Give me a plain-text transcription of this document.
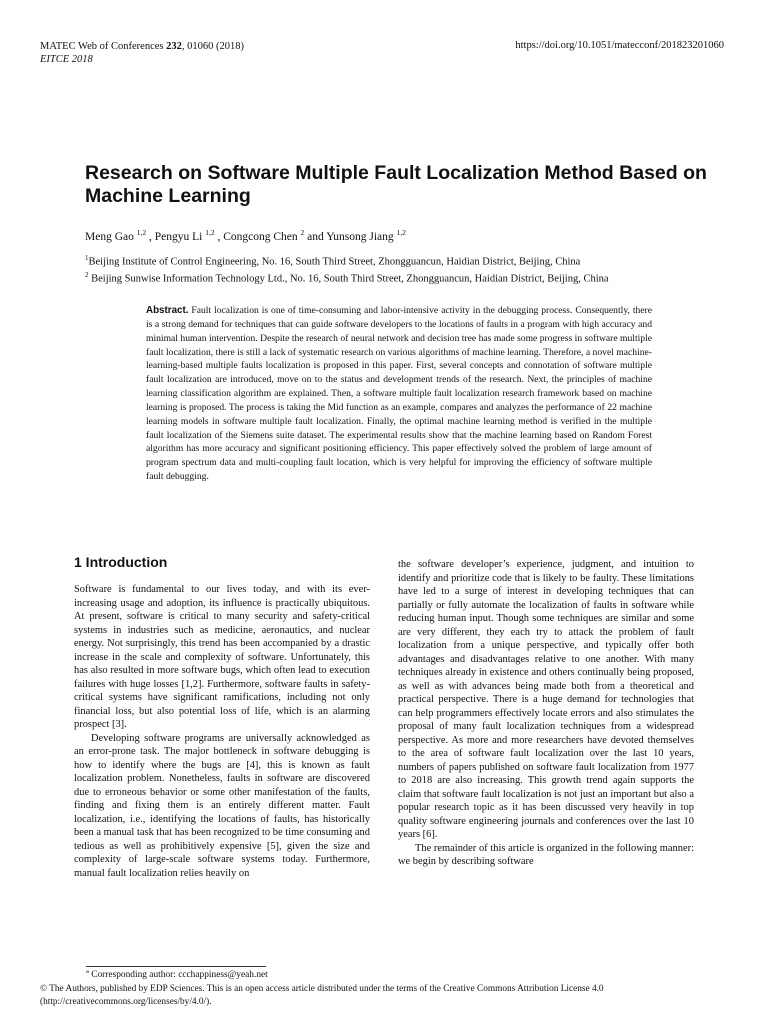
MATEC Web of Conferences 232, 01060 (2018)
EITCE 2018
https://doi.org/10.1051/matecconf/201823201060
Research on Software Multiple Fault Localization Method Based on Machine Learning
Meng Gao $^{1,2}$ , Pengyu Li $^{1,2}$ , Congcong Chen $^2$ and Yunsong Jiang $^{1,2}$

$^1$Beijing Institute of Control Engineering, No. 16, South Third Street, Zhongguancun, Haidian District, Beijing, China

$^2$ Beijing Sunwise Information Technology Ltd., No. 16, South Third Street, Zhongguancun, Haidian District, Beijing, China

Abstract. Fault localization is one of time-consuming and labor-intensive activity in the debugging process. Consequently, there is a strong demand for techniques that can guide software developers to the locations of faults in a program with high accuracy and minimal human intervention. Despite the research of neural network and decision tree has made some progress in software multiple fault localization, there is still a lack of systematic research on various algorithms of machine learning. Therefore, a novel machine-learning-based multiple faults localization is proposed in this paper. First, several concepts and connotation of software multiple fault localization are introduced, move on to the status and development trends of the research. Next, the principles of machine learning classification algorithm are explained. Then, a software multiple fault localization research framework based on machine learning is proposed. The process is taking the Mid function as an example, compares and analyzes the performance of 22 machine learning models in software multiple fault localization. Finally, the optimal machine learning method is verified in the multiple fault localization of the Siemens suite dataset. The experimental results show that the machine learning based on Random Forest algorithm has more accuracy and significant positioning efficiency. This paper effectively solved the problem of large amount of program spectrum data and multi-coupling fault location, which is very helpful for improving the efficiency of software multiple fault debugging.

1 Introduction

Software is fundamental to our lives today, and with its ever-increasing usage and adoption, its influence is practically ubiquitous. At present, software is critical to many security and safety-critical systems in industries such as medicine, aeronautics, and nuclear energy. Not surprisingly, this trend has been accompanied by a drastic increase in the scale and complexity of software. Unfortunately, this has also resulted in more software bugs, which often lead to execution failures with huge losses [1,2]. Furthermore, software faults in safety-critical systems have significant ramifications, including not only financial loss, but also potential loss of life, which is an alarming prospect [3].

Developing software programs are universally acknowledged as an error-prone task. The major bottleneck in software debugging is how to identify where the bugs are [4], this is known as fault localization problem. Nonetheless, faults in software are discovered due to erroneous behavior or some other manifestation of the faults, finding and fixing them is an entirely different matter. Fault localization, i.e., identifying the locations of faults, has historically been a manual task that has been recognized to be time consuming and tedious as well as prohibitively expensive [5], given the size and complexity of large-scale software systems today. Furthermore, manual fault localization relies heavily on

the software developer’s experience, judgment, and intuition to identify and prioritize code that is likely to be faulty. These limitations have led to a surge of interest in developing techniques that can partially or fully automate the localization of faults in software while reducing human input. Though some techniques are similar and some are very different, they each try to attack the problem of fault localization from a unique perspective, and typically offer both advantages and disadvantages relative to one another. With many techniques already in existence and others continually being proposed, as well as with advances being made both from a theoretical and practical perspective. There is a huge demand for technologies that can help programmers effectively locate errors and also stimulates the proposal of many fault localization techniques from a widespread perspective. As more and more researchers have devoted themselves to the area of software fault localization over the last 10 years, numbers of papers published on software fault localization from 1977 to 2018 are also increasing. This growth trend again supports the claim that software fault localization is not just an important but also a popular research topic as it has been discussed very heavily in top quality software engineering journals and conferences over the last 10 years [6].

The remainder of this article is organized in the following manner: we begin by describing software

$^a$ Corresponding author: ccchappiness@yeah.net
© The Authors, published by EDP Sciences. This is an open access article distributed under the terms of the Creative Commons Attribution License 4.0 (http://creativecommons.org/licenses/by/4.0/).
